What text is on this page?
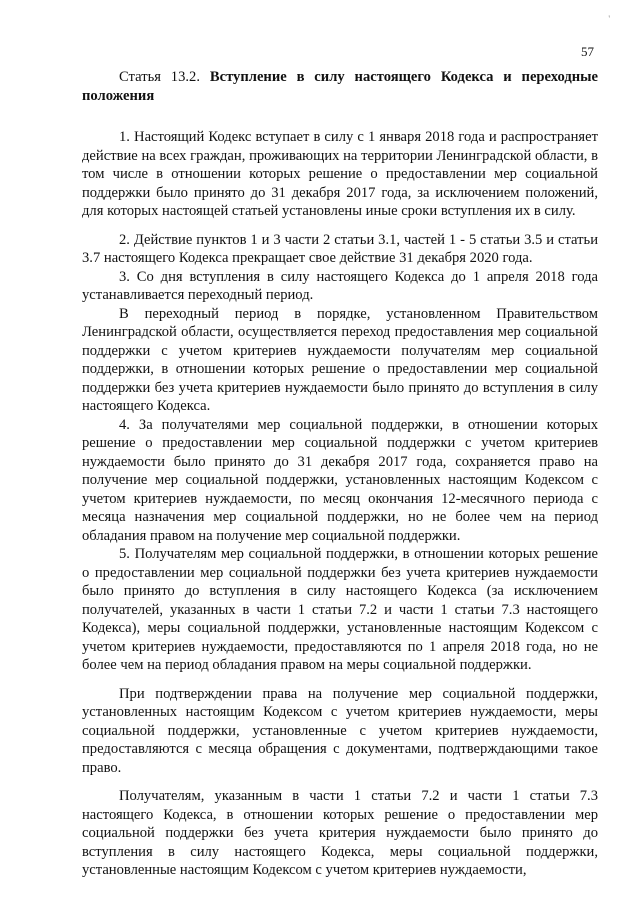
'
57

Статья 13.2. Вступление в силу настоящего Кодекса и переходные положения

1. Настоящий Кодекс вступает в силу с 1 января 2018 года и распространяет действие на всех граждан, проживающих на территории Ленинградской области, в том числе в отношении которых решение о предоставлении мер социальной поддержки было принято до 31 декабря 2017 года, за исключением положений, для которых настоящей статьей установлены иные сроки вступления их в силу.

2. Действие пунктов 1 и 3 части 2 статьи 3.1, частей 1 - 5 статьи 3.5 и статьи 3.7 настоящего Кодекса прекращает свое действие 31 декабря 2020 года.

3. Со дня вступления в силу настоящего Кодекса до 1 апреля 2018 года устанавливается переходный период.

В переходный период в порядке, установленном Правительством Ленинградской области, осуществляется переход предоставления мер социальной поддержки с учетом критериев нуждаемости получателям мер социальной поддержки, в отношении которых решение о предоставлении мер социальной поддержки без учета критериев нуждаемости было принято до вступления в силу настоящего Кодекса.

4. За получателями мер социальной поддержки, в отношении которых решение о предоставлении мер социальной поддержки с учетом критериев нуждаемости было принято до 31 декабря 2017 года, сохраняется право на получение мер социальной поддержки, установленных настоящим Кодексом с учетом критериев нуждаемости, по месяц окончания 12-месячного периода с месяца назначения мер социальной поддержки, но не более чем на период обладания правом на получение мер социальной поддержки.

5. Получателям мер социальной поддержки, в отношении которых решение о предоставлении мер социальной поддержки без учета критериев нуждаемости было принято до вступления в силу настоящего Кодекса (за исключением получателей, указанных в части 1 статьи 7.2 и части 1 статьи 7.3 настоящего Кодекса), меры социальной поддержки, установленные настоящим Кодексом с учетом критериев нуждаемости, предоставляются по 1 апреля 2018 года, но не более чем на период обладания правом на меры социальной поддержки.

При подтверждении права на получение мер социальной поддержки, установленных настоящим Кодексом с учетом критериев нуждаемости, меры социальной поддержки, установленные с учетом критериев нуждаемости, предоставляются с месяца обращения с документами, подтверждающими такое право.

Получателям, указанным в части 1 статьи 7.2 и части 1 статьи 7.3 настоящего Кодекса, в отношении которых решение о предоставлении мер социальной поддержки без учета критерия нуждаемости было принято до вступления в силу настоящего Кодекса, меры социальной поддержки, установленные настоящим Кодексом с учетом критериев нуждаемости,
